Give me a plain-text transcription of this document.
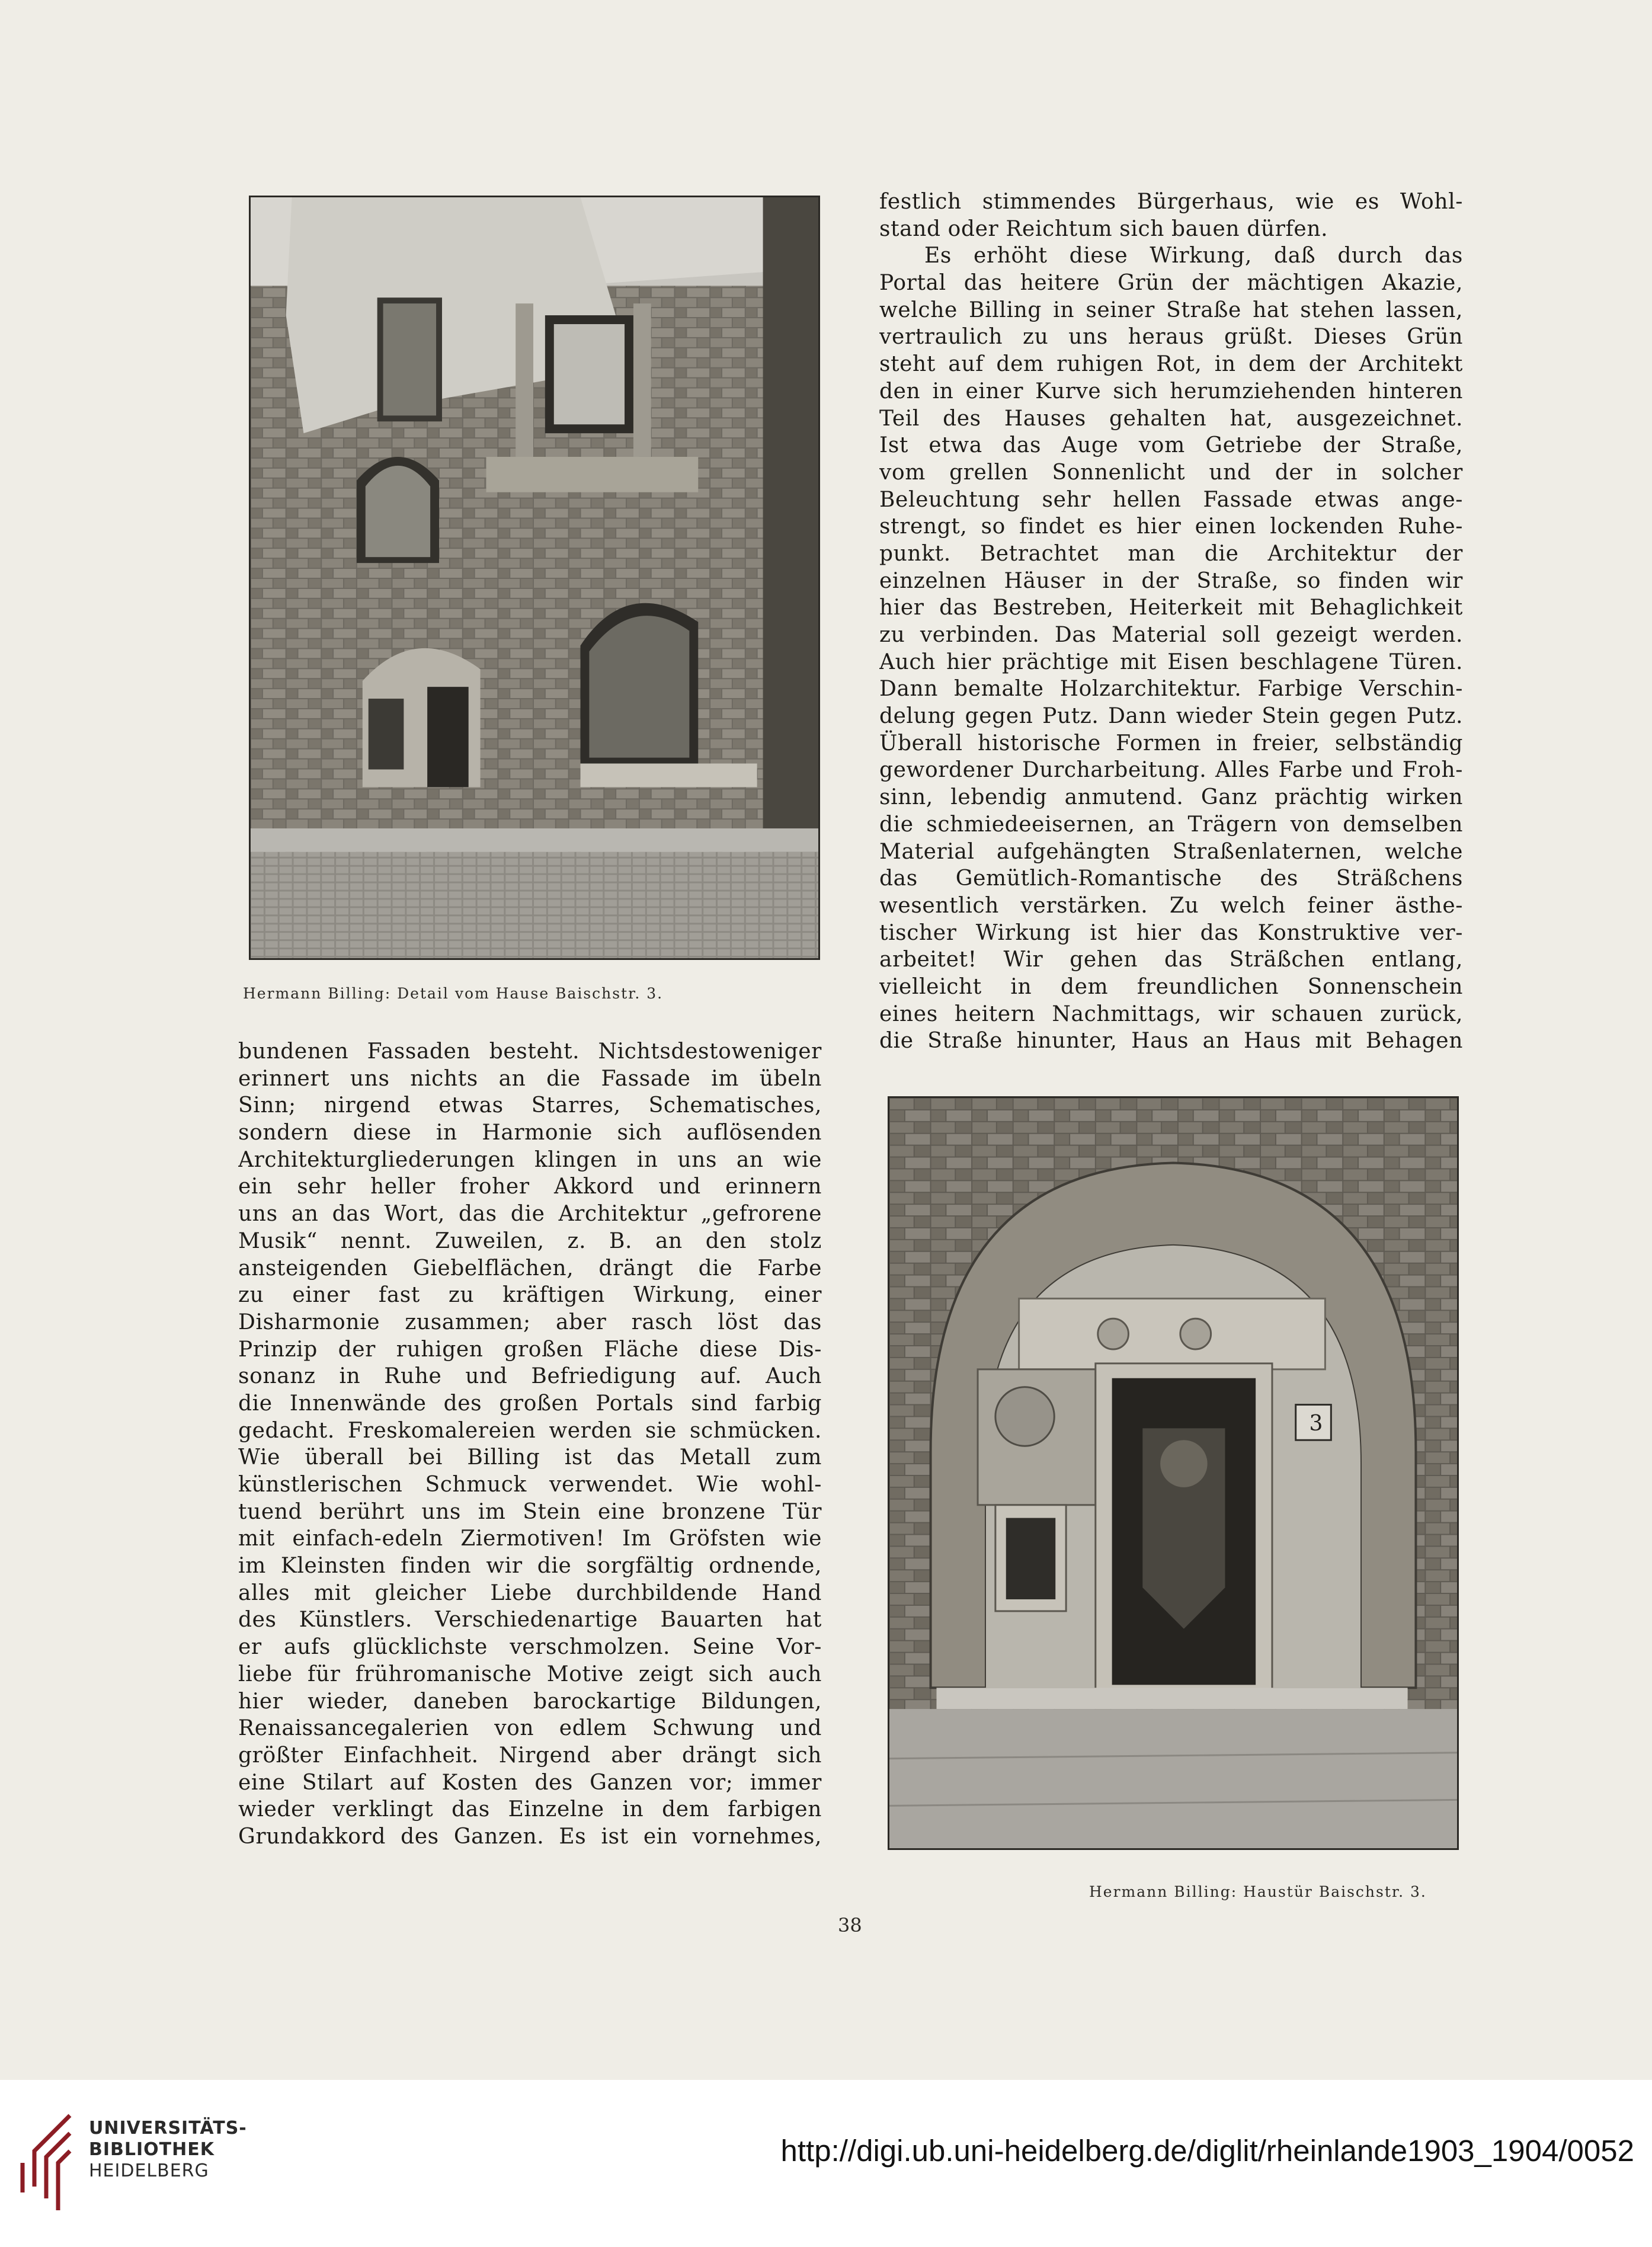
Hermann Billing: Detail vom Hause Baischstr. 3.
festlich stimmendes Bürgerhaus, wie es Wohl-
stand oder Reichtum sich bauen dürfen.
Es erhöht diese Wirkung, daß durch das
Portal das heitere Grün der mächtigen Akazie,
welche Billing in seiner Straße hat stehen lassen,
vertraulich zu uns heraus grüßt. Dieses Grün
steht auf dem ruhigen Rot, in dem der Architekt
den in einer Kurve sich herumziehenden hinteren
Teil des Hauses gehalten hat, ausgezeichnet.
Ist etwa das Auge vom Getriebe der Straße,
vom grellen Sonnenlicht und der in solcher
Beleuchtung sehr hellen Fassade etwas ange-
strengt, so findet es hier einen lockenden Ruhe-
punkt. Betrachtet man die Architektur der
einzelnen Häuser in der Straße, so finden wir
hier das Bestreben, Heiterkeit mit Behaglichkeit
zu verbinden. Das Material soll gezeigt werden.
Auch hier prächtige mit Eisen beschlagene Türen.
Dann bemalte Holzarchitektur. Farbige Verschin-
delung gegen Putz. Dann wieder Stein gegen Putz.
Überall historische Formen in freier, selbständig
gewordener Durcharbeitung. Alles Farbe und Froh-
sinn, lebendig anmutend. Ganz prächtig wirken
die schmiedeeisernen, an Trägern von demselben
Material aufgehängten Straßenlaternen, welche
das Gemütlich-Romantische des Sträßchens
wesentlich verstärken. Zu welch feiner ästhe-
tischer Wirkung ist hier das Konstruktive ver-
arbeitet! Wir gehen das Sträßchen entlang,
vielleicht in dem freundlichen Sonnenschein
eines heitern Nachmittags, wir schauen zurück,
die Straße hinunter, Haus an Haus mit Behagen
bundenen Fassaden besteht. Nichtsdestoweniger
erinnert uns nichts an die Fassade im übeln
Sinn; nirgend etwas Starres, Schematisches,
sondern diese in Harmonie sich auflösenden
Architekturgliederungen klingen in uns an wie
ein sehr heller froher Akkord und erinnern
uns an das Wort, das die Architektur „gefrorene
Musik“ nennt. Zuweilen, z. B. an den stolz
ansteigenden Giebelflächen, drängt die Farbe
zu einer fast zu kräftigen Wirkung, einer
Disharmonie zusammen; aber rasch löst das
Prinzip der ruhigen großen Fläche diese Dis-
sonanz in Ruhe und Befriedigung auf. Auch
die Innenwände des großen Portals sind farbig
gedacht. Freskomalereien werden sie schmücken.
Wie überall bei Billing ist das Metall zum
künstlerischen Schmuck verwendet. Wie wohl-
tuend berührt uns im Stein eine bronzene Tür
mit einfach-edeln Ziermotiven! Im Gröfsten wie
im Kleinsten finden wir die sorgfältig ordnende,
alles mit gleicher Liebe durchbildende Hand
des Künstlers. Verschiedenartige Bauarten hat
er aufs glücklichste verschmolzen. Seine Vor-
liebe für frühromanische Motive zeigt sich auch
hier wieder, daneben barockartige Bildungen,
Renaissancegalerien von edlem Schwung und
größter Einfachheit. Nirgend aber drängt sich
eine Stilart auf Kosten des Ganzen vor; immer
wieder verklingt das Einzelne in dem farbigen
Grundakkord des Ganzen. Es ist ein vornehmes,
3
Hermann Billing: Haustür Baischstr. 3.
38
UNIVERSITÄTS-
BIBLIOTHEK
HEIDELBERG
http://digi.ub.uni-heidelberg.de/diglit/rheinlande1903_1904/0052
